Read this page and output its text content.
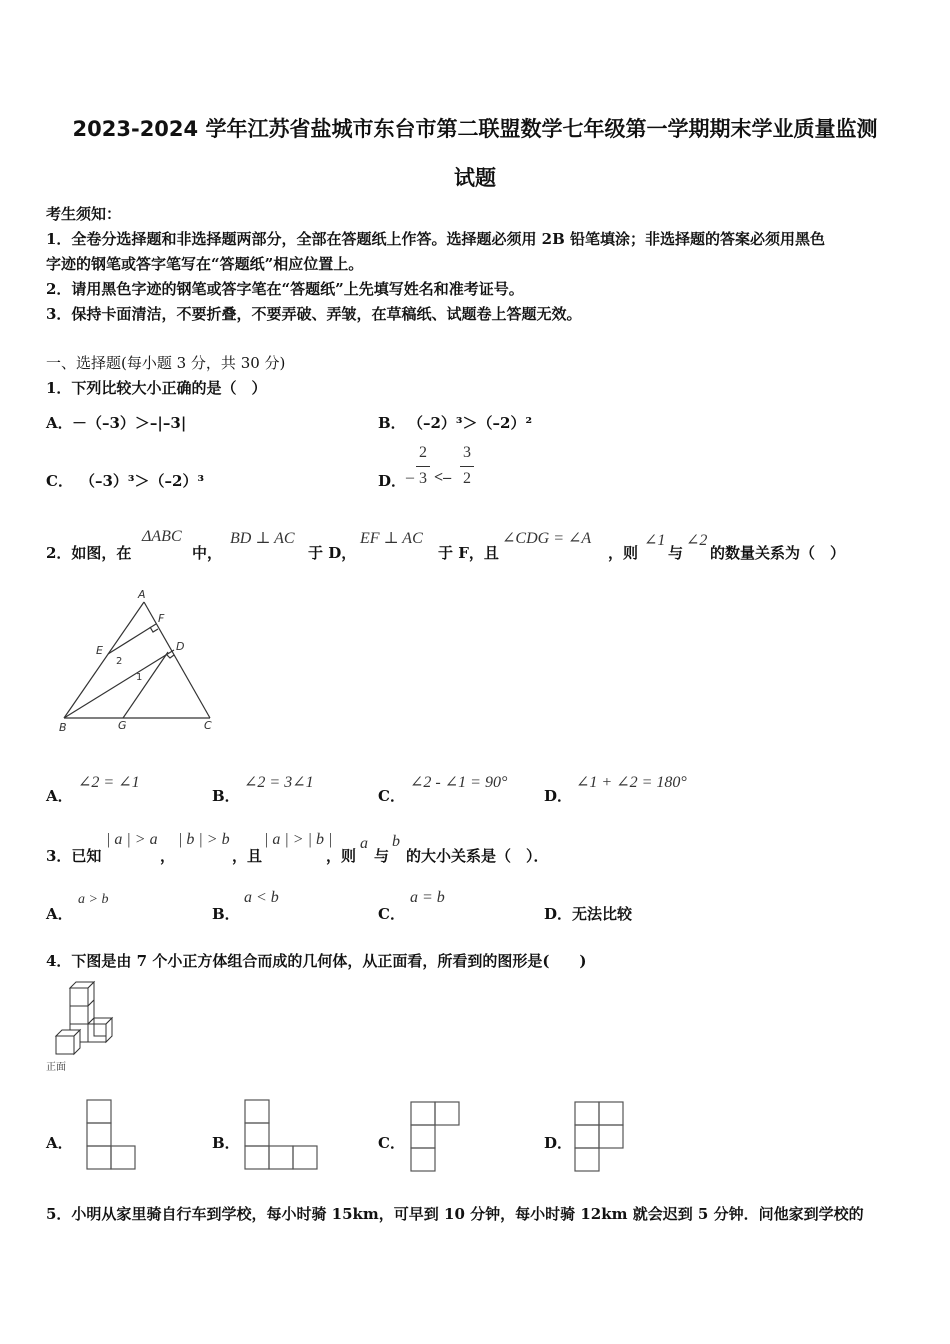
2023-2024 学年江苏省盐城市东台市第二联盟数学七年级第一学期期末学业质量监测
试题
考生须知：
1．全卷分选择题和非选择题两部分，全部在答题纸上作答。选择题必须用 2B 铅笔填涂；非选择题的答案必须用黑色
字迹的钢笔或答字笔写在“答题纸”相应位置上。
2．请用黑色字迹的钢笔或答字笔在“答题纸”上先填写姓名和准考证号。
3．保持卡面清洁，不要折叠，不要弄破、弄皱，在草稿纸、试题卷上答题无效。
一、选择题(每小题 3 分，共 30 分)
1．下列比较大小正确的是（　）
A． －（–3）＞–|–3|	B． （–2）³＞（–2）²
C． （–3）³＞（–2）³	D． –
2
3 <–
3
2
2．如图，在
ΔABC
中，
BD ⊥ AC
于 D，
EF ⊥ AC
于 F，且
∠CDG = ∠A
，则
∠1
与
∠2
的数量关系为（　）
A
F
E
2
D
1
B	G	C
A．
∠2 = ∠1
B．
∠2 = 3∠1
C．
∠2 - ∠1 = 90°
D．
∠1 + ∠2 = 180°
3．已知
| a | > a
，
| b | > b
，且
| a | > | b |
，则
a
与
b
的大小关系是（　）．
A．
a > b
B．
a < b
C．
a = b
D． 无法比较
4．下图是由 7 个小正方体组合而成的几何体，从正面看，所看到的图形是(　　)
正面
A．	B．	C．	D．
5．小明从家里骑自行车到学校，每小时骑 15km，可早到 10 分钟，每小时骑 12km 就会迟到 5 分钟．问他家到学校的
